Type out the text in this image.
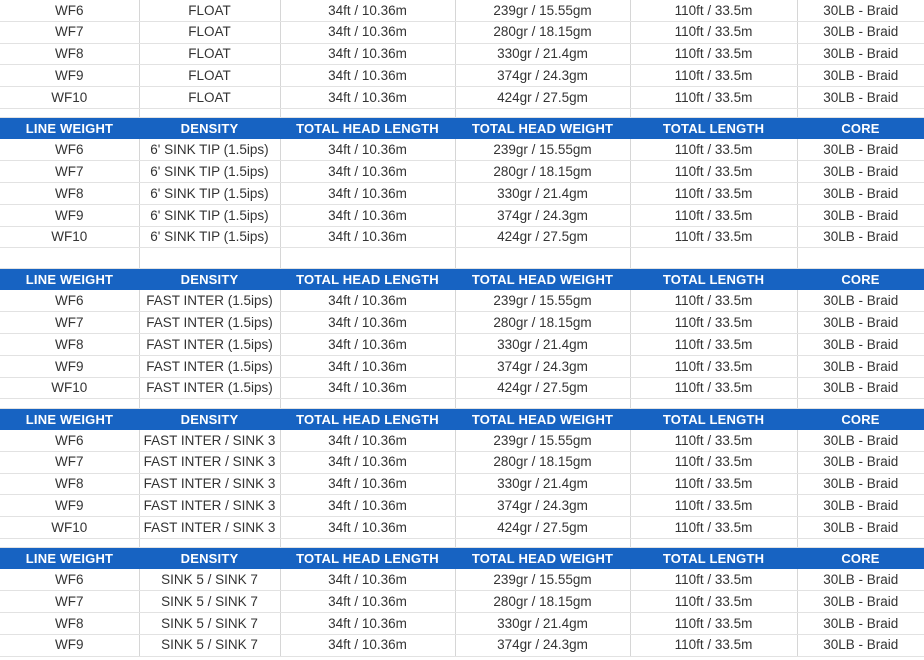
WF6	FLOAT	34ft / 10.36m	239gr / 15.55gm	110ft / 33.5m	30LB - Braid
WF7	FLOAT	34ft / 10.36m	280gr / 18.15gm	110ft / 33.5m	30LB - Braid
WF8	FLOAT	34ft / 10.36m	330gr / 21.4gm	110ft / 33.5m	30LB - Braid
WF9	FLOAT	34ft / 10.36m	374gr / 24.3gm	110ft / 33.5m	30LB - Braid
WF10	FLOAT	34ft / 10.36m	424gr / 27.5gm	110ft / 33.5m	30LB - Braid

LINE WEIGHT	DENSITY	TOTAL HEAD LENGTH	TOTAL HEAD WEIGHT	TOTAL LENGTH	CORE
WF6	6' SINK TIP (1.5ips)	34ft / 10.36m	239gr / 15.55gm	110ft / 33.5m	30LB - Braid
WF7	6' SINK TIP (1.5ips)	34ft / 10.36m	280gr / 18.15gm	110ft / 33.5m	30LB - Braid
WF8	6' SINK TIP (1.5ips)	34ft / 10.36m	330gr / 21.4gm	110ft / 33.5m	30LB - Braid
WF9	6' SINK TIP (1.5ips)	34ft / 10.36m	374gr / 24.3gm	110ft / 33.5m	30LB - Braid
WF10	6' SINK TIP (1.5ips)	34ft / 10.36m	424gr / 27.5gm	110ft / 33.5m	30LB - Braid

LINE WEIGHT	DENSITY	TOTAL HEAD LENGTH	TOTAL HEAD WEIGHT	TOTAL LENGTH	CORE
WF6	FAST INTER (1.5ips)	34ft / 10.36m	239gr / 15.55gm	110ft / 33.5m	30LB - Braid
WF7	FAST INTER (1.5ips)	34ft / 10.36m	280gr / 18.15gm	110ft / 33.5m	30LB - Braid
WF8	FAST INTER (1.5ips)	34ft / 10.36m	330gr / 21.4gm	110ft / 33.5m	30LB - Braid
WF9	FAST INTER (1.5ips)	34ft / 10.36m	374gr / 24.3gm	110ft / 33.5m	30LB - Braid
WF10	FAST INTER (1.5ips)	34ft / 10.36m	424gr / 27.5gm	110ft / 33.5m	30LB - Braid

LINE WEIGHT	DENSITY	TOTAL HEAD LENGTH	TOTAL HEAD WEIGHT	TOTAL LENGTH	CORE
WF6	FAST INTER / SINK 3	34ft / 10.36m	239gr / 15.55gm	110ft / 33.5m	30LB - Braid
WF7	FAST INTER / SINK 3	34ft / 10.36m	280gr / 18.15gm	110ft / 33.5m	30LB - Braid
WF8	FAST INTER / SINK 3	34ft / 10.36m	330gr / 21.4gm	110ft / 33.5m	30LB - Braid
WF9	FAST INTER / SINK 3	34ft / 10.36m	374gr / 24.3gm	110ft / 33.5m	30LB - Braid
WF10	FAST INTER / SINK 3	34ft / 10.36m	424gr / 27.5gm	110ft / 33.5m	30LB - Braid

LINE WEIGHT	DENSITY	TOTAL HEAD LENGTH	TOTAL HEAD WEIGHT	TOTAL LENGTH	CORE
WF6	SINK 5 / SINK 7	34ft / 10.36m	239gr / 15.55gm	110ft / 33.5m	30LB - Braid
WF7	SINK 5 / SINK 7	34ft / 10.36m	280gr / 18.15gm	110ft / 33.5m	30LB - Braid
WF8	SINK 5 / SINK 7	34ft / 10.36m	330gr / 21.4gm	110ft / 33.5m	30LB - Braid
WF9	SINK 5 / SINK 7	34ft / 10.36m	374gr / 24.3gm	110ft / 33.5m	30LB - Braid
